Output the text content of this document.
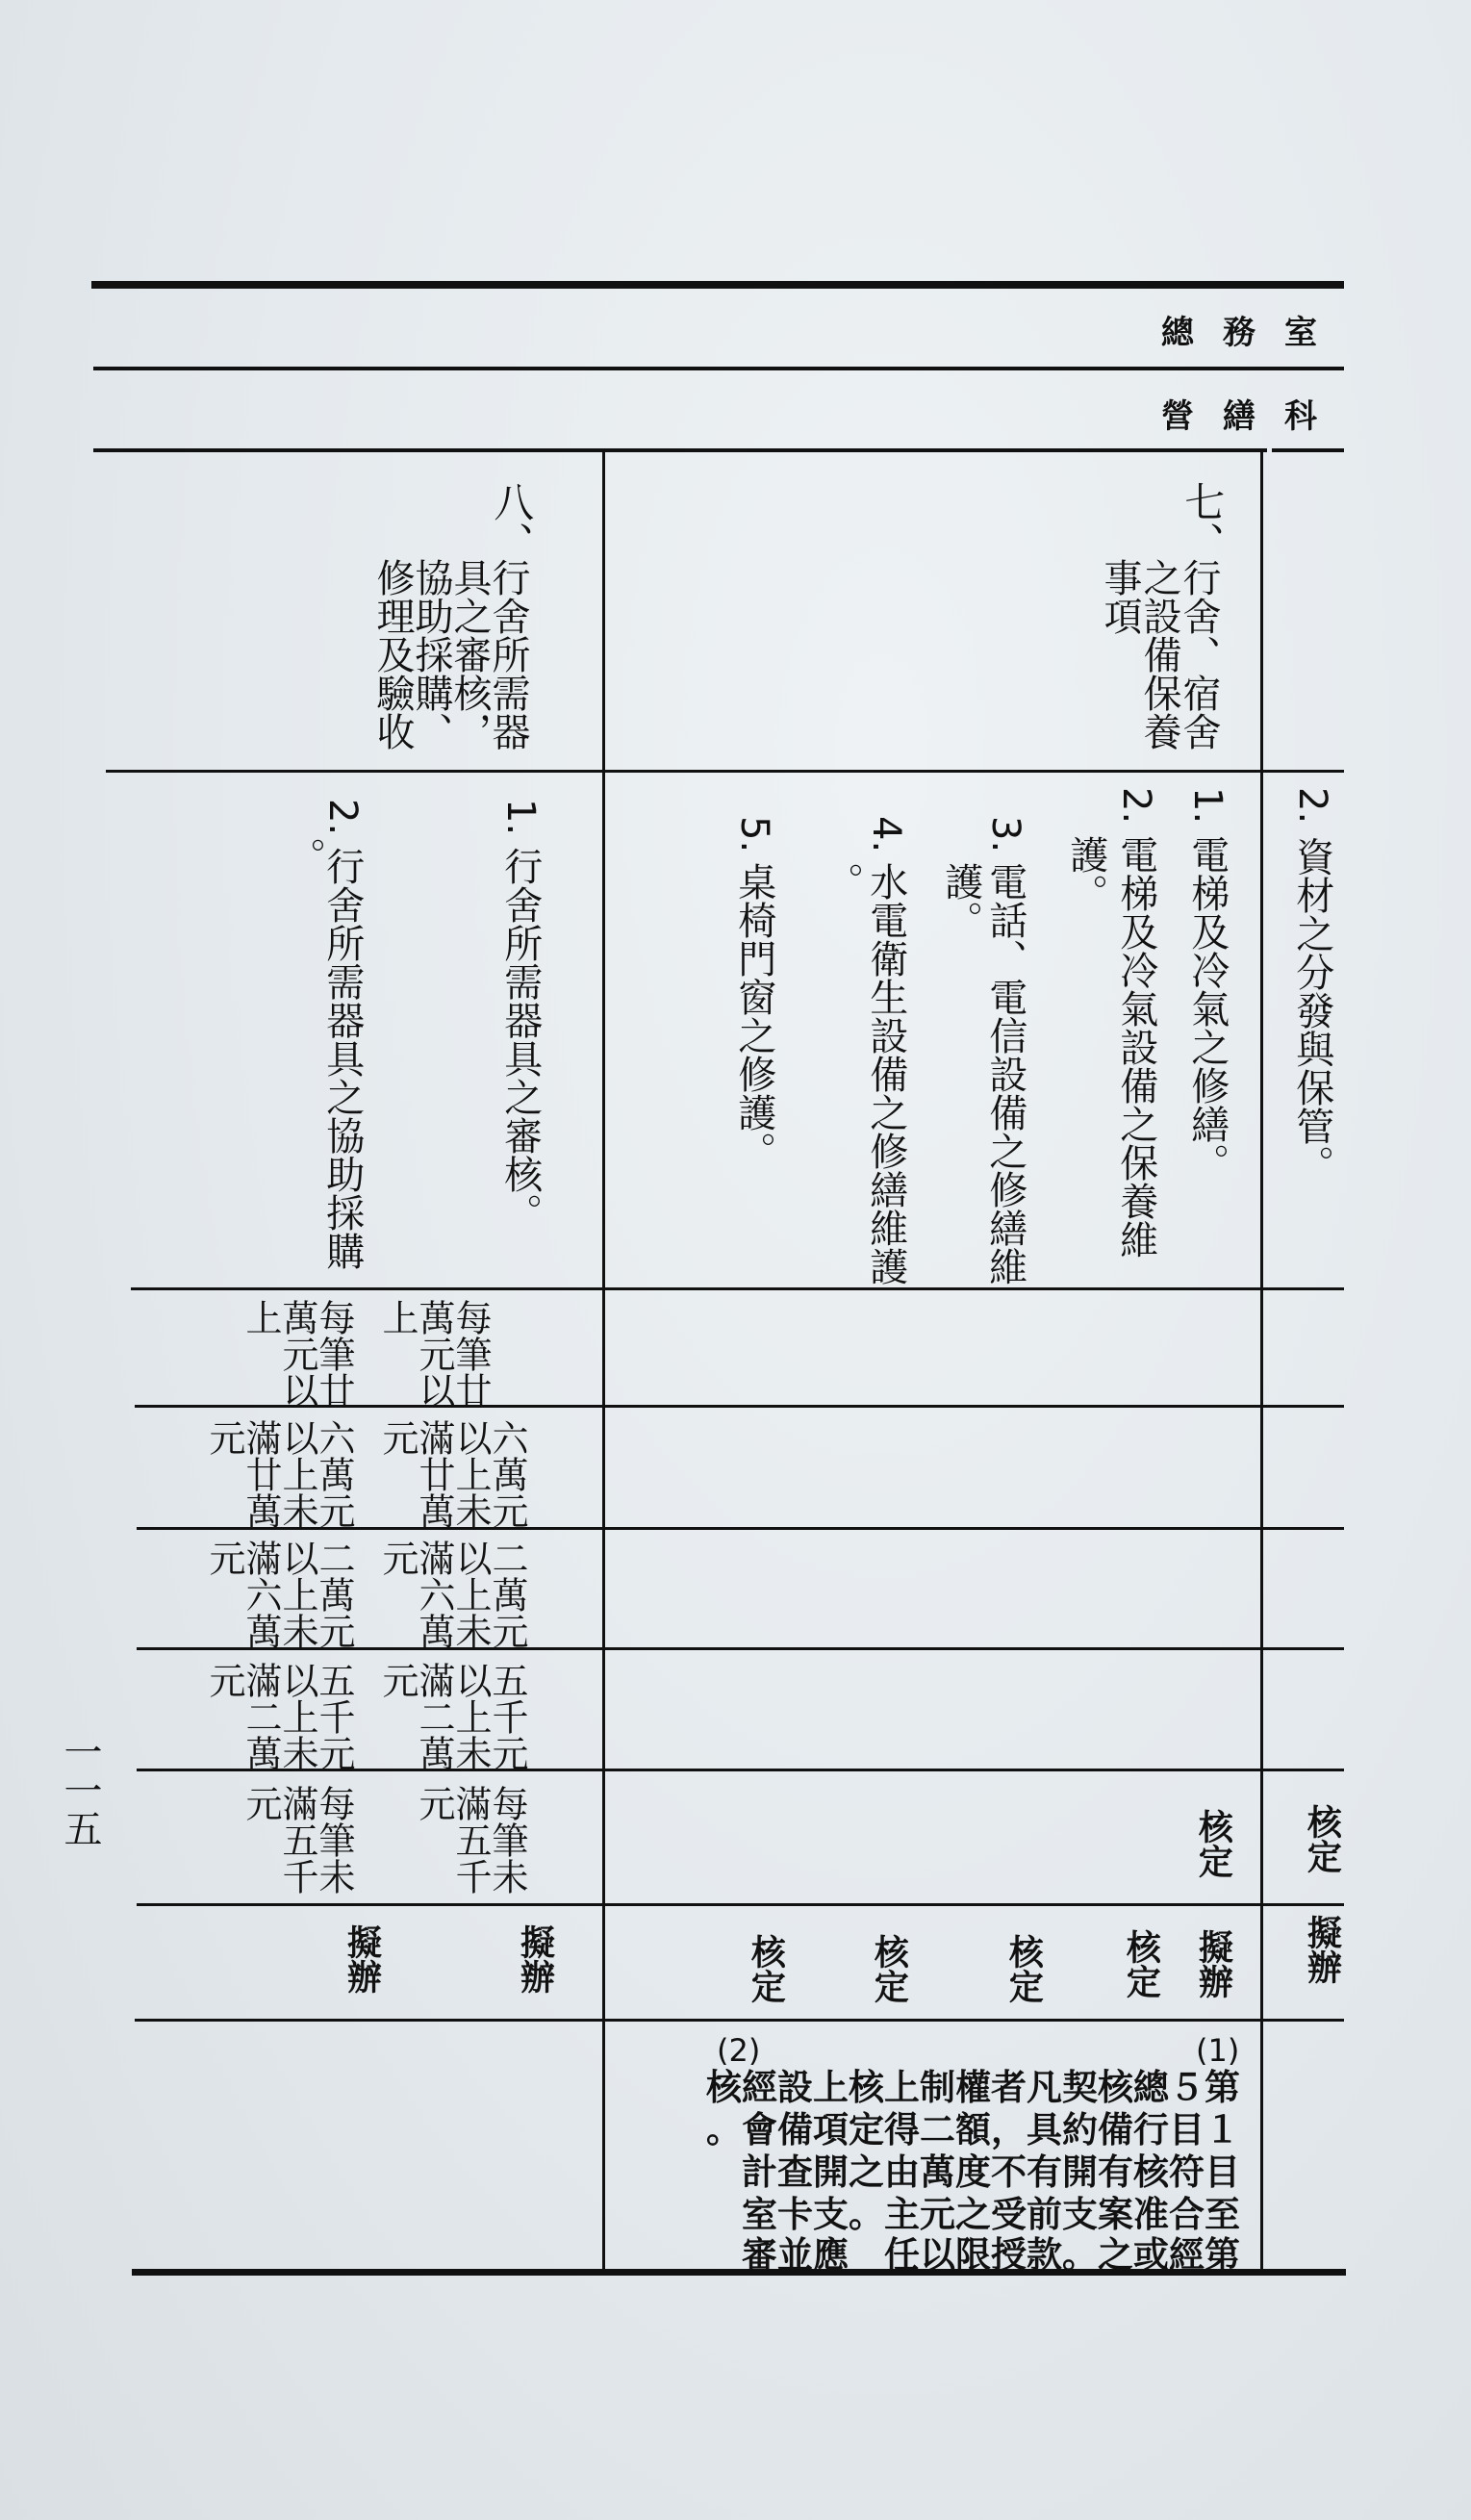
室務總
科繕營
2.
資材之分發與保管。
核定
擬辦
七、
行舍、宿舍
之設備保養
事項
1.
電梯及冷氣之修繕。
2.
電梯及冷氣設備之保養維
護。
3.
電話、電信設備之修繕維
護。
4.
水電衛生設備之修繕維護
。
5.
桌椅門窗之修護。
核定
擬辦
核定
核定
核定
核定
八、
行舍所需器
具之審核，
協助採購、
修理及驗收
1.
行舍所需器具之審核。
2.
行舍所需器具之協助採購
。
每筆廿
萬元以
上
六萬元
以上未
滿廿萬
元
二萬元
以上未
滿六萬
元
五千元
以上未
滿二萬
元
每筆未
滿五千
元
每筆廿
萬元以
上
六萬元
以上未
滿廿萬
元
二萬元
以上未
滿六萬
元
五千元
以上未
滿二萬
元
每筆未
滿五千
元
擬辦
擬辦
(1)
(2)
核經設上核上制權者凡契核總５第
。會備項定得二額，具約備行目１
計查開之由萬度不有開有核符目
室卡支。主元之受前支案准合至
審並應　任以限授款。之或經第
一一五
